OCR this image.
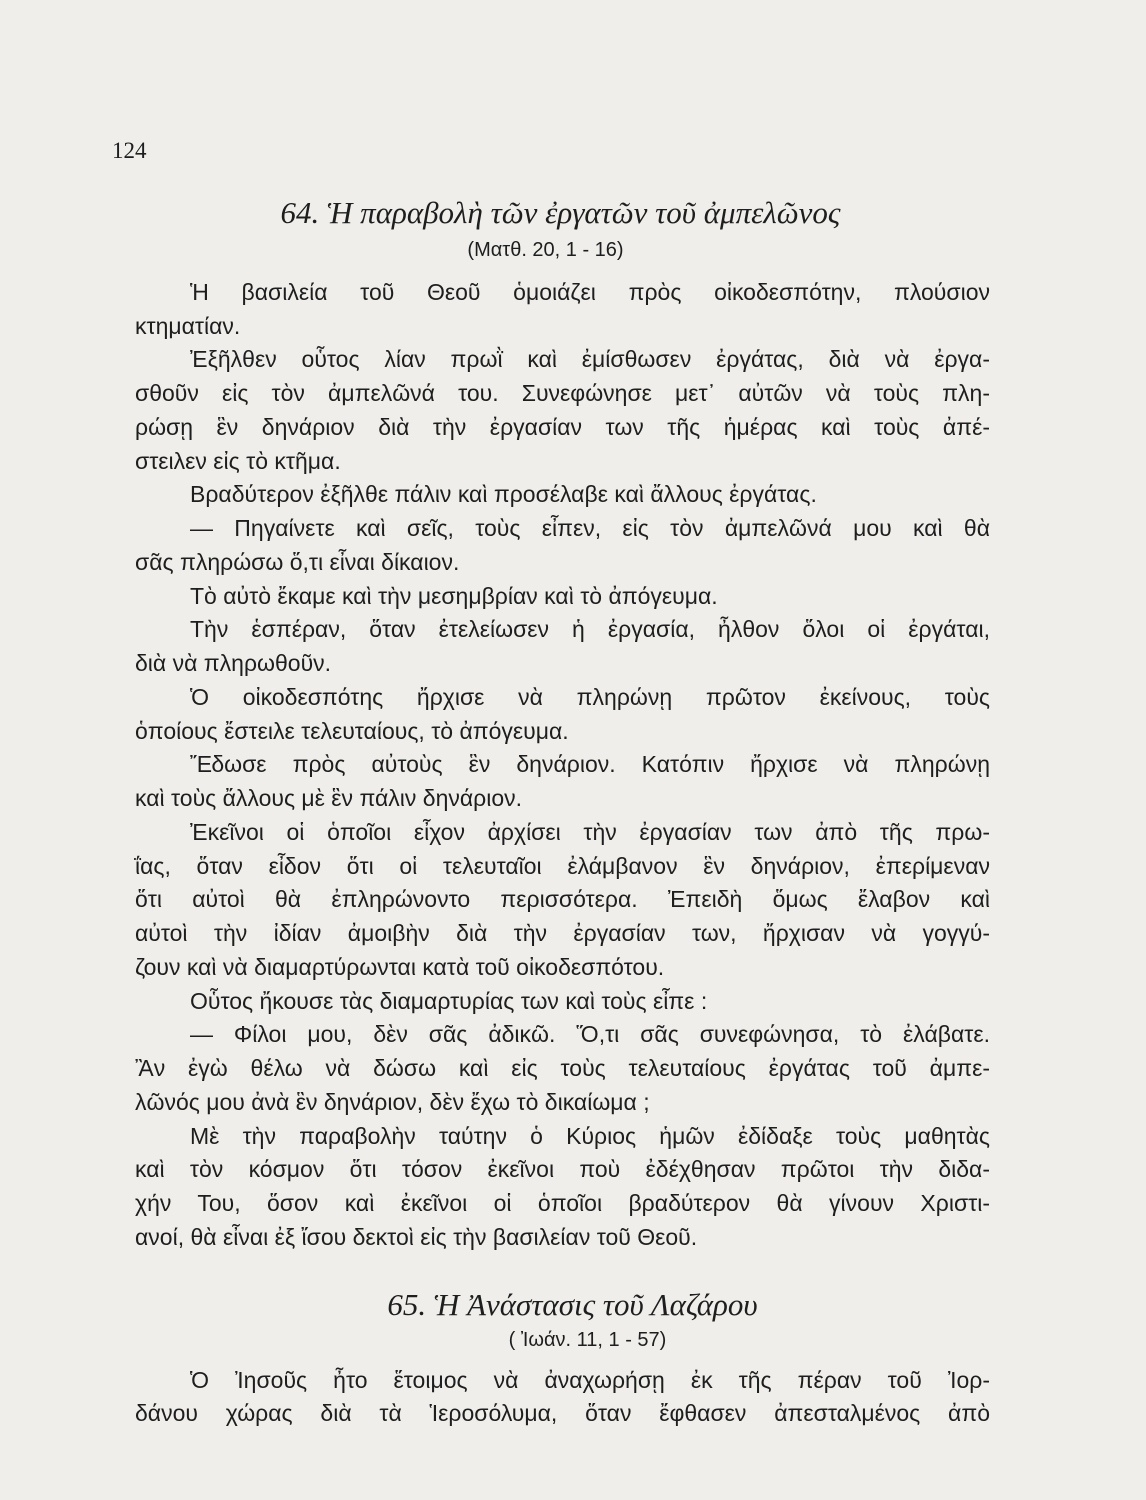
124
64. Ἡ παραβολὴ τῶν ἐργατῶν τοῦ ἀμπελῶνος
(Ματθ. 20, 1 - 16)
Ἡ βασιλεία τοῦ Θεοῦ ὁμοιάζει πρὸς οἰκοδεσπότην, πλούσιον
κτηματίαν.
Ἐξῆλθεν οὗτος λίαν πρωῒ καὶ ἐμίσθωσεν ἐργάτας, διὰ νὰ ἐργα-
σθοῦν εἰς τὸν ἀμπελῶνά του. Συνεφώνησε μετ᾿ αὐτῶν νὰ τοὺς πλη-
ρώσῃ ἓν δηνάριον διὰ τὴν ἐργασίαν των τῆς ἡμέρας καὶ τοὺς ἀπέ-
στειλεν εἰς τὸ κτῆμα.
Βραδύτερον ἐξῆλθε πάλιν καὶ προσέλαβε καὶ ἄλλους ἐργάτας.
— Πηγαίνετε καὶ σεῖς, τοὺς εἶπεν, εἰς τὸν ἀμπελῶνά μου καὶ θὰ
σᾶς πληρώσω ὅ,τι εἶναι δίκαιον.
Τὸ αὐτὸ ἔκαμε καὶ τὴν μεσημβρίαν καὶ τὸ ἀπόγευμα.
Τὴν ἑσπέραν, ὅταν ἐτελείωσεν ἡ ἐργασία, ἦλθον ὅλοι οἱ ἐργάται,
διὰ νὰ πληρωθοῦν.
Ὁ οἰκοδεσπότης ἤρχισε νὰ πληρώνῃ πρῶτον ἐκείνους, τοὺς
ὁποίους ἔστειλε τελευταίους, τὸ ἀπόγευμα.
Ἔδωσε πρὸς αὐτοὺς ἓν δηνάριον. Κατόπιν ἤρχισε νὰ πληρώνῃ
καὶ τοὺς ἄλλους μὲ ἓν πάλιν δηνάριον.
Ἐκεῖνοι οἱ ὁποῖοι εἶχον ἀρχίσει τὴν ἐργασίαν των ἀπὸ τῆς πρω-
ΐας, ὅταν εἶδον ὅτι οἱ τελευταῖοι ἐλάμβανον ἓν δηνάριον, ἐπερίμεναν
ὅτι αὐτοὶ θὰ ἐπληρώνοντο περισσότερα. Ἐπειδὴ ὅμως ἔλαβον καὶ
αὐτοὶ τὴν ἰδίαν ἀμοιβὴν διὰ τὴν ἐργασίαν των, ἤρχισαν νὰ γογγύ-
ζουν καὶ νὰ διαμαρτύρωνται κατὰ τοῦ οἰκοδεσπότου.
Οὗτος ἤκουσε τὰς διαμαρτυρίας των καὶ τοὺς εἶπε :
— Φίλοι μου, δὲν σᾶς ἀδικῶ. Ὅ,τι σᾶς συνεφώνησα, τὸ ἐλάβατε.
Ἂν ἐγὼ θέλω νὰ δώσω καὶ εἰς τοὺς τελευταίους ἐργάτας τοῦ ἀμπε-
λῶνός μου ἀνὰ ἓν δηνάριον, δὲν ἔχω τὸ δικαίωμα ;
Μὲ τὴν παραβολὴν ταύτην ὁ Κύριος ἡμῶν ἐδίδαξε τοὺς μαθητὰς
καὶ τὸν κόσμον ὅτι τόσον ἐκεῖνοι ποὺ ἐδέχθησαν πρῶτοι τὴν διδα-
χήν Του, ὅσον καὶ ἐκεῖνοι οἱ ὁποῖοι βραδύτερον θὰ γίνουν Χριστι-
ανοί, θὰ εἶναι ἐξ ἴσου δεκτοὶ εἰς τὴν βασιλείαν τοῦ Θεοῦ.
65. Ἡ Ἀνάστασις τοῦ Λαζάρου
( Ἰωάν. 11, 1 - 57)
Ὁ Ἰησοῦς ἦτο ἕτοιμος νὰ ἀναχωρήσῃ ἐκ τῆς πέραν τοῦ Ἰορ-
δάνου χώρας διὰ τὰ Ἱεροσόλυμα, ὅταν ἔφθασεν ἀπεσταλμένος ἀπὸ
